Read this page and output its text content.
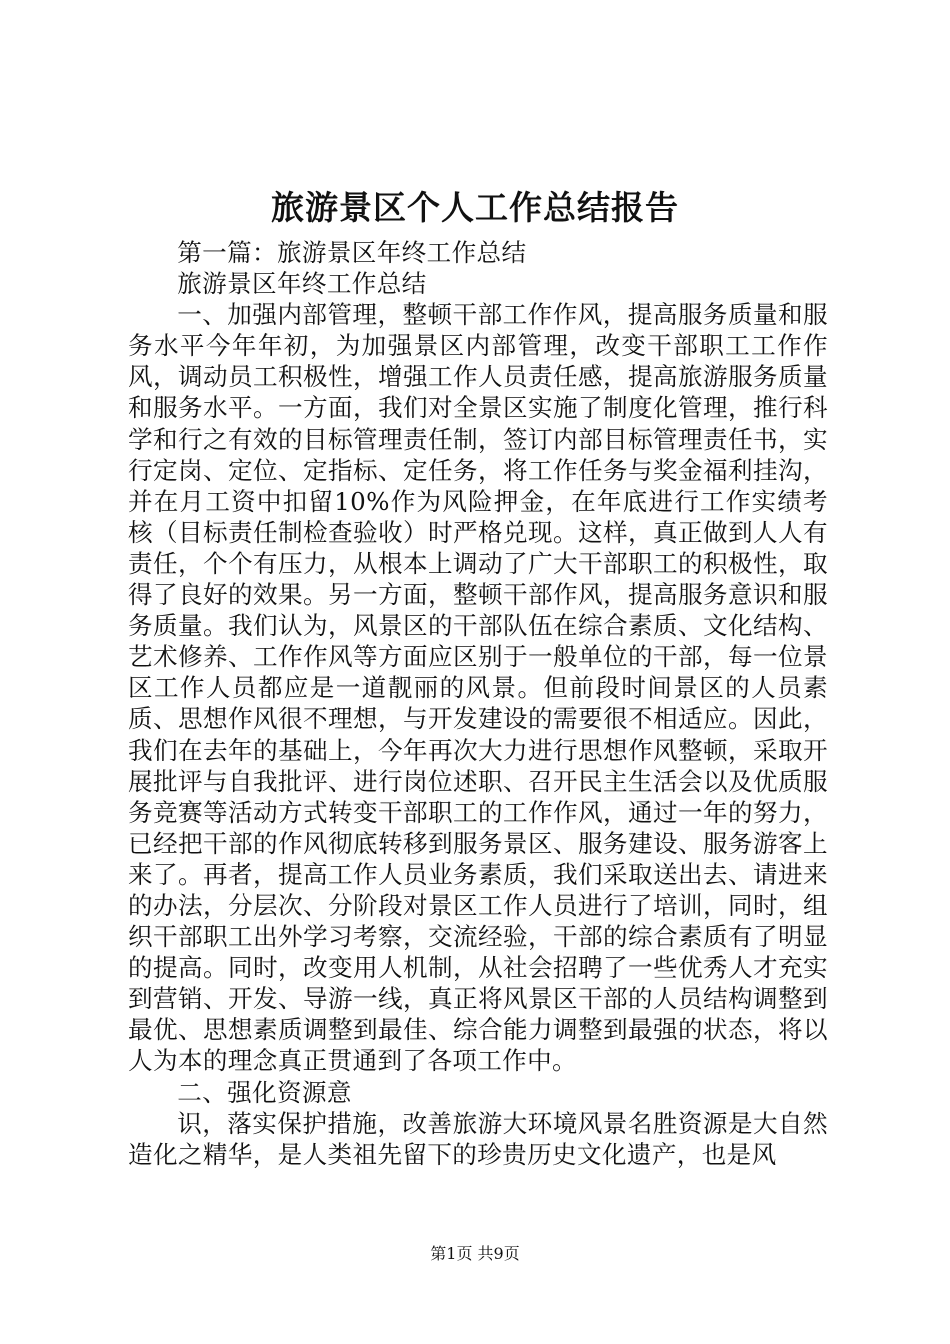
旅游景区个人工作总结报告

第一篇：旅游景区年终工作总结

旅游景区年终工作总结

一、加强内部管理，整顿干部工作作风，提高服务质量和服务水平今年年初，为加强景区内部管理，改变干部职工工作作风，调动员工积极性，增强工作人员责任感，提高旅游服务质量和服务水平。一方面，我们对全景区实施了制度化管理，推行科学和行之有效的目标管理责任制，签订内部目标管理责任书，实行定岗、定位、定指标、定任务，将工作任务与奖金福利挂沟，并在月工资中扣留10%作为风险押金，在年底进行工作实绩考核（目标责任制检查验收）时严格兑现。这样，真正做到人人有责任，个个有压力，从根本上调动了广大干部职工的积极性，取得了良好的效果。另一方面，整顿干部作风，提高服务意识和服务质量。我们认为，风景区的干部队伍在综合素质、文化结构、艺术修养、工作作风等方面应区别于一般单位的干部，每一位景区工作人员都应是一道靓丽的风景。但前段时间景区的人员素质、思想作风很不理想，与开发建设的需要很不相适应。因此，我们在去年的基础上，今年再次大力进行思想作风整顿，采取开展批评与自我批评、进行岗位述职、召开民主生活会以及优质服务竞赛等活动方式转变干部职工的工作作风，通过一年的努力，已经把干部的作风彻底转移到服务景区、服务建设、服务游客上来了。再者，提高工作人员业务素质，我们采取送出去、请进来的办法，分层次、分阶段对景区工作人员进行了培训，同时，组织干部职工出外学习考察，交流经验，干部的综合素质有了明显的提高。同时，改变用人机制，从社会招聘了一些优秀人才充实到营销、开发、导游一线，真正将风景区干部的人员结构调整到最优、思想素质调整到最佳、综合能力调整到最强的状态，将以人为本的理念真正贯通到了各项工作中。

二、强化资源意

识，落实保护措施，改善旅游大环境风景名胜资源是大自然造化之精华，是人类祖先留下的珍贵历史文化遗产，也是风

第1页 共9页
